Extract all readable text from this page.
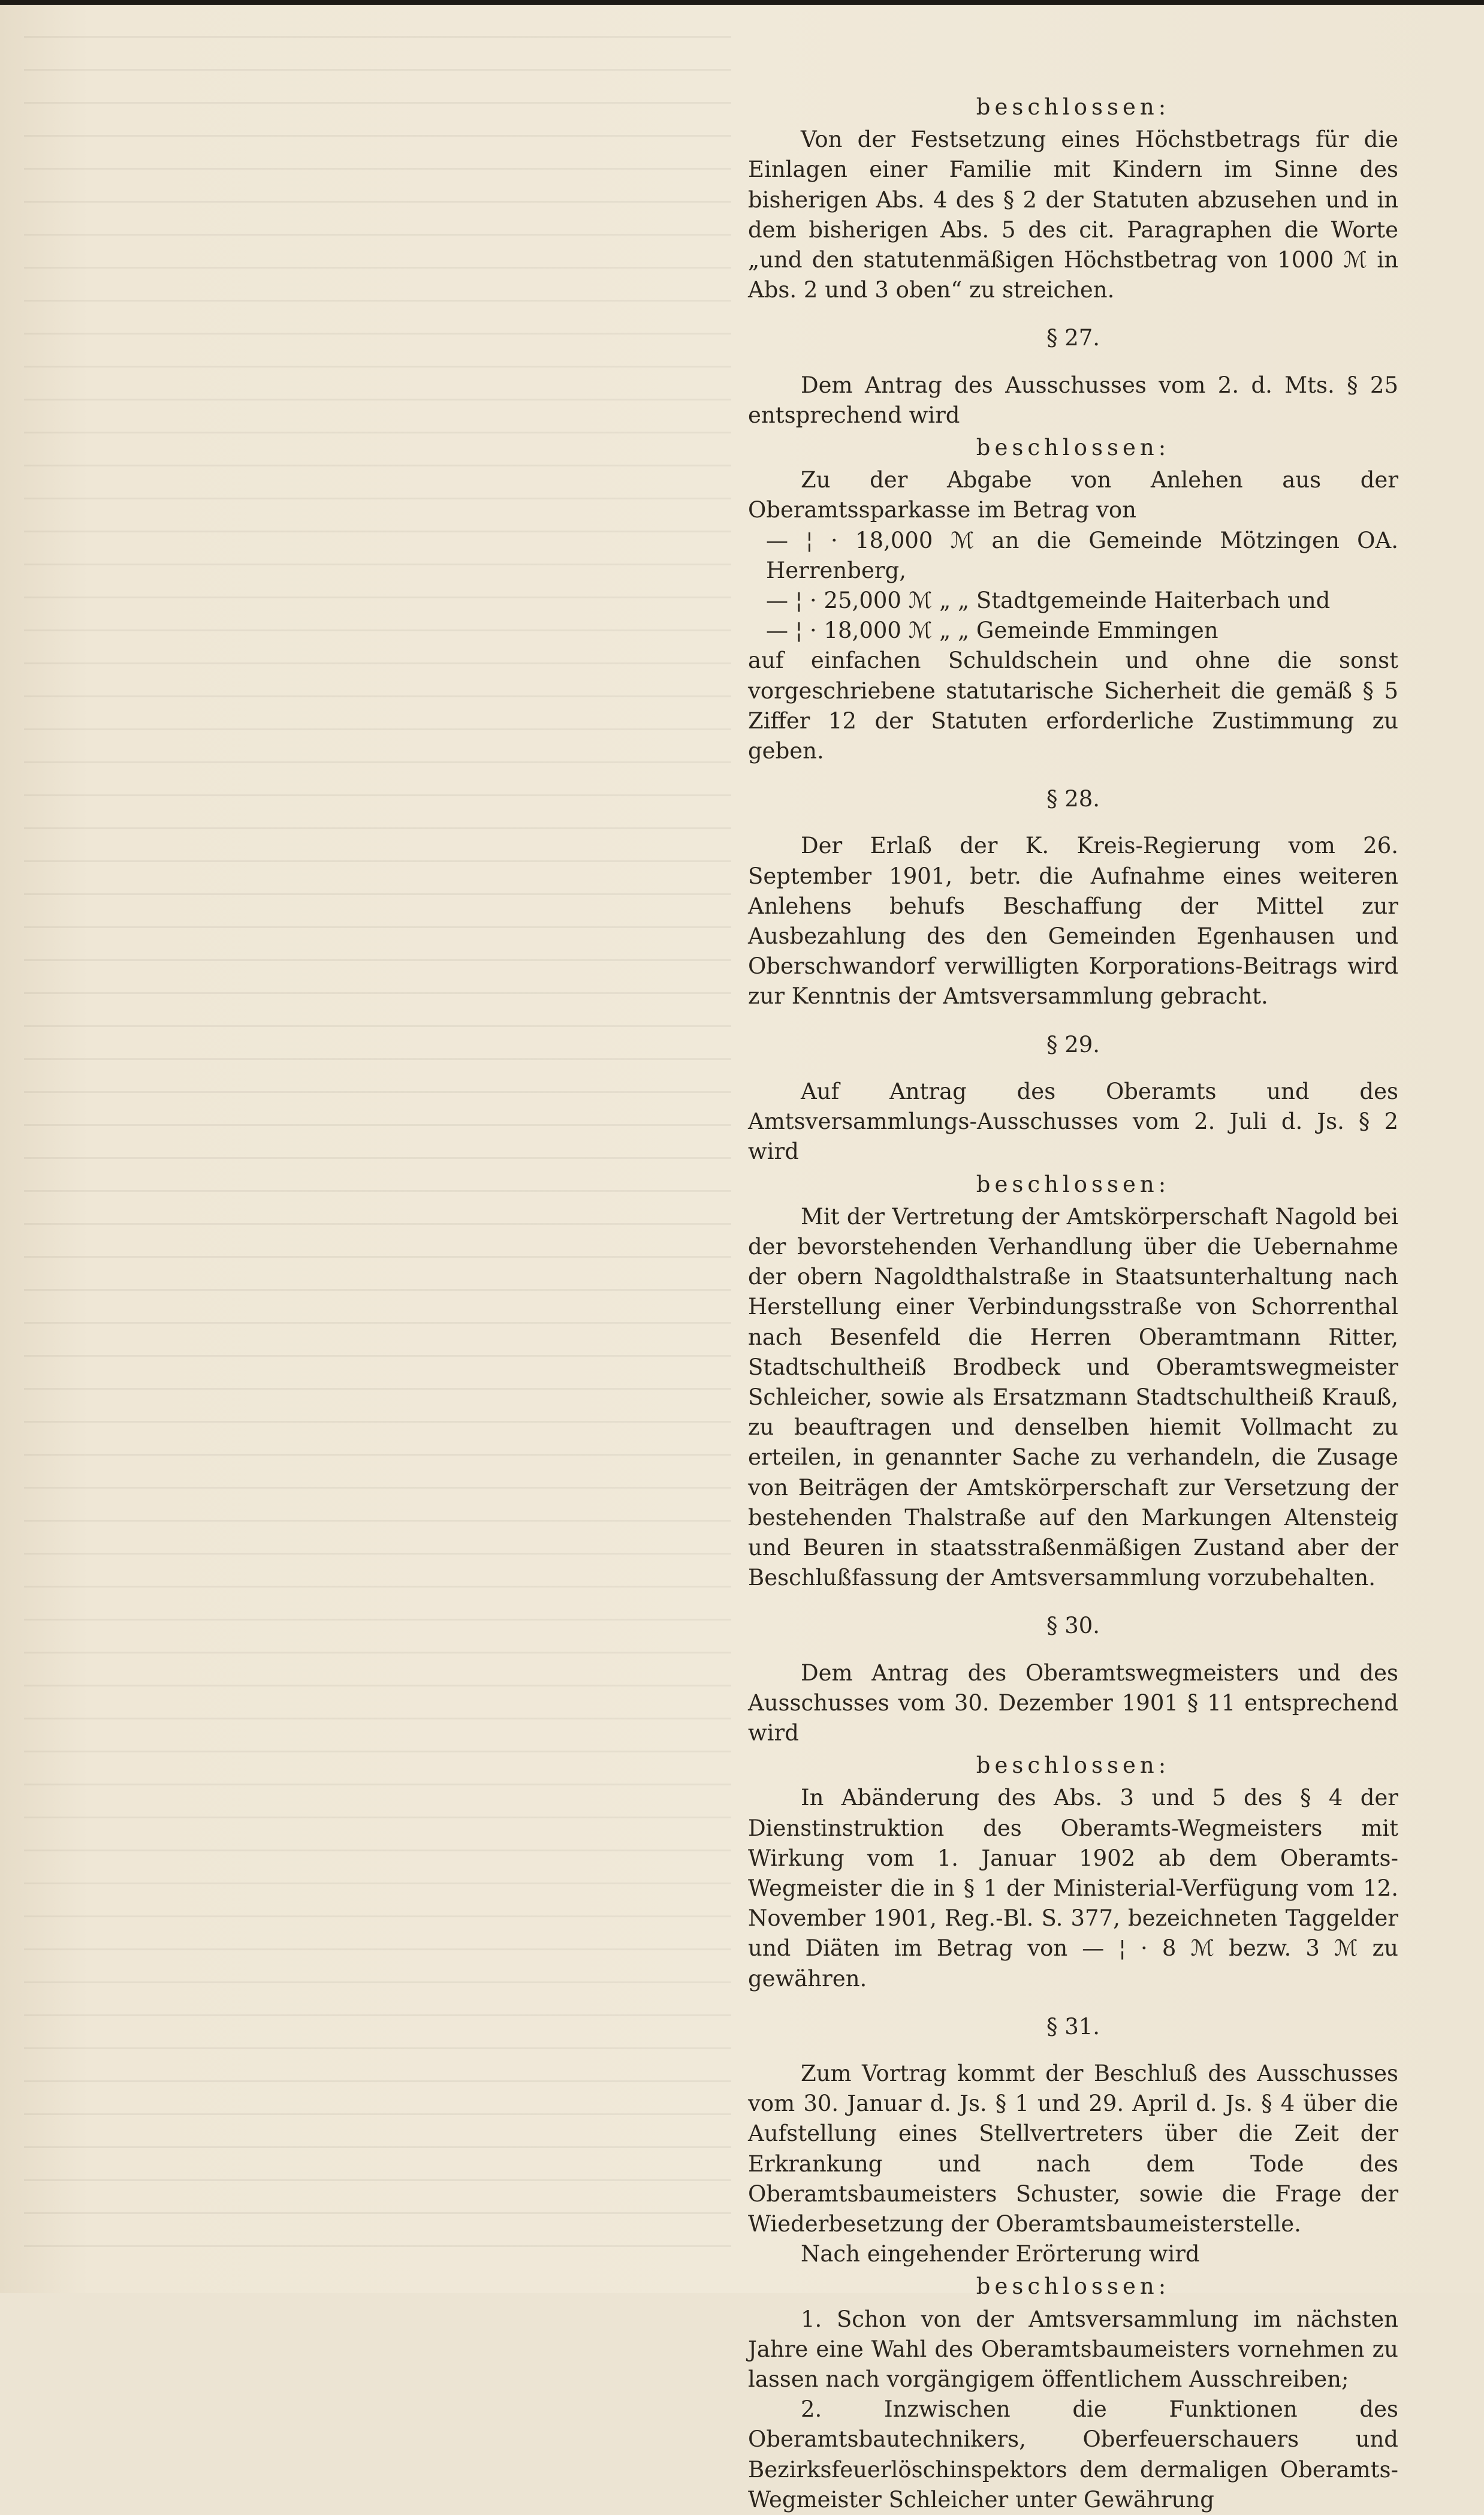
beschlossen:

Von der Festsetzung eines Höchstbetrags für die Einlagen einer Familie mit Kindern im Sinne des bisherigen Abs. 4 des § 2 der Statuten abzusehen und in dem bisherigen Abs. 5 des cit. Paragraphen die Worte „und den statutenmäßigen Höchstbetrag von 1000 ℳ in Abs. 2 und 3 oben“ zu streichen.

§ 27.

Dem Antrag des Ausschusses vom 2. d. Mts. § 25 entsprechend wird

beschlossen:

Zu der Abgabe von Anlehen aus der Oberamtssparkasse im Betrag von

— ¦ · 18,000 ℳ an die Gemeinde Mötzingen OA. Herrenberg,

— ¦ · 25,000 ℳ „ „ Stadtgemeinde Haiterbach und

— ¦ · 18,000 ℳ „ „ Gemeinde Emmingen

auf einfachen Schuldschein und ohne die sonst vorgeschriebene statutarische Sicherheit die gemäß § 5 Ziffer 12 der Statuten erforderliche Zustimmung zu geben.

§ 28.

Der Erlaß der K. Kreis-Regierung vom 26. September 1901, betr. die Aufnahme eines weiteren Anlehens behufs Beschaffung der Mittel zur Ausbezahlung des den Gemeinden Egenhausen und Oberschwandorf verwilligten Korporations-Beitrags wird zur Kenntnis der Amtsversammlung gebracht.

§ 29.

Auf Antrag des Oberamts und des Amtsversammlungs-Ausschusses vom 2. Juli d. Js. § 2 wird

beschlossen:

Mit der Vertretung der Amtskörperschaft Nagold bei der bevorstehenden Verhandlung über die Uebernahme der obern Nagoldthalstraße in Staatsunterhaltung nach Herstellung einer Verbindungsstraße von Schorrenthal nach Besenfeld die Herren Oberamtmann Ritter, Stadtschultheiß Brodbeck und Oberamtswegmeister Schleicher, sowie als Ersatzmann Stadtschultheiß Krauß, zu beauftragen und denselben hiemit Vollmacht zu erteilen, in genannter Sache zu verhandeln, die Zusage von Beiträgen der Amtskörperschaft zur Versetzung der bestehenden Thalstraße auf den Markungen Altensteig und Beuren in staatsstraßenmäßigen Zustand aber der Beschlußfassung der Amtsversammlung vorzubehalten.

§ 30.

Dem Antrag des Oberamtswegmeisters und des Ausschusses vom 30. Dezember 1901 § 11 entsprechend wird

beschlossen:

In Abänderung des Abs. 3 und 5 des § 4 der Dienstinstruktion des Oberamts-Wegmeisters mit Wirkung vom 1. Januar 1902 ab dem Oberamts-Wegmeister die in § 1 der Ministerial-Verfügung vom 12. November 1901, Reg.-Bl. S. 377, bezeichneten Taggelder und Diäten im Betrag von — ¦ · 8 ℳ bezw. 3 ℳ zu gewähren.

§ 31.

Zum Vortrag kommt der Beschluß des Ausschusses vom 30. Januar d. Js. § 1 und 29. April d. Js. § 4 über die Aufstellung eines Stellvertreters über die Zeit der Erkrankung und nach dem Tode des Oberamtsbaumeisters Schuster, sowie die Frage der Wiederbesetzung der Oberamtsbaumeisterstelle.

Nach eingehender Erörterung wird

beschlossen:

1. Schon von der Amtsversammlung im nächsten Jahre eine Wahl des Oberamtsbaumeisters vornehmen zu lassen nach vorgängigem öffentlichem Ausschreiben;

2. Inzwischen die Funktionen des Oberamtsbautechnikers, Oberfeuerschauers und Bezirksfeuerlöschinspektors dem dermaligen Oberamts-Wegmeister Schleicher unter Gewährung
